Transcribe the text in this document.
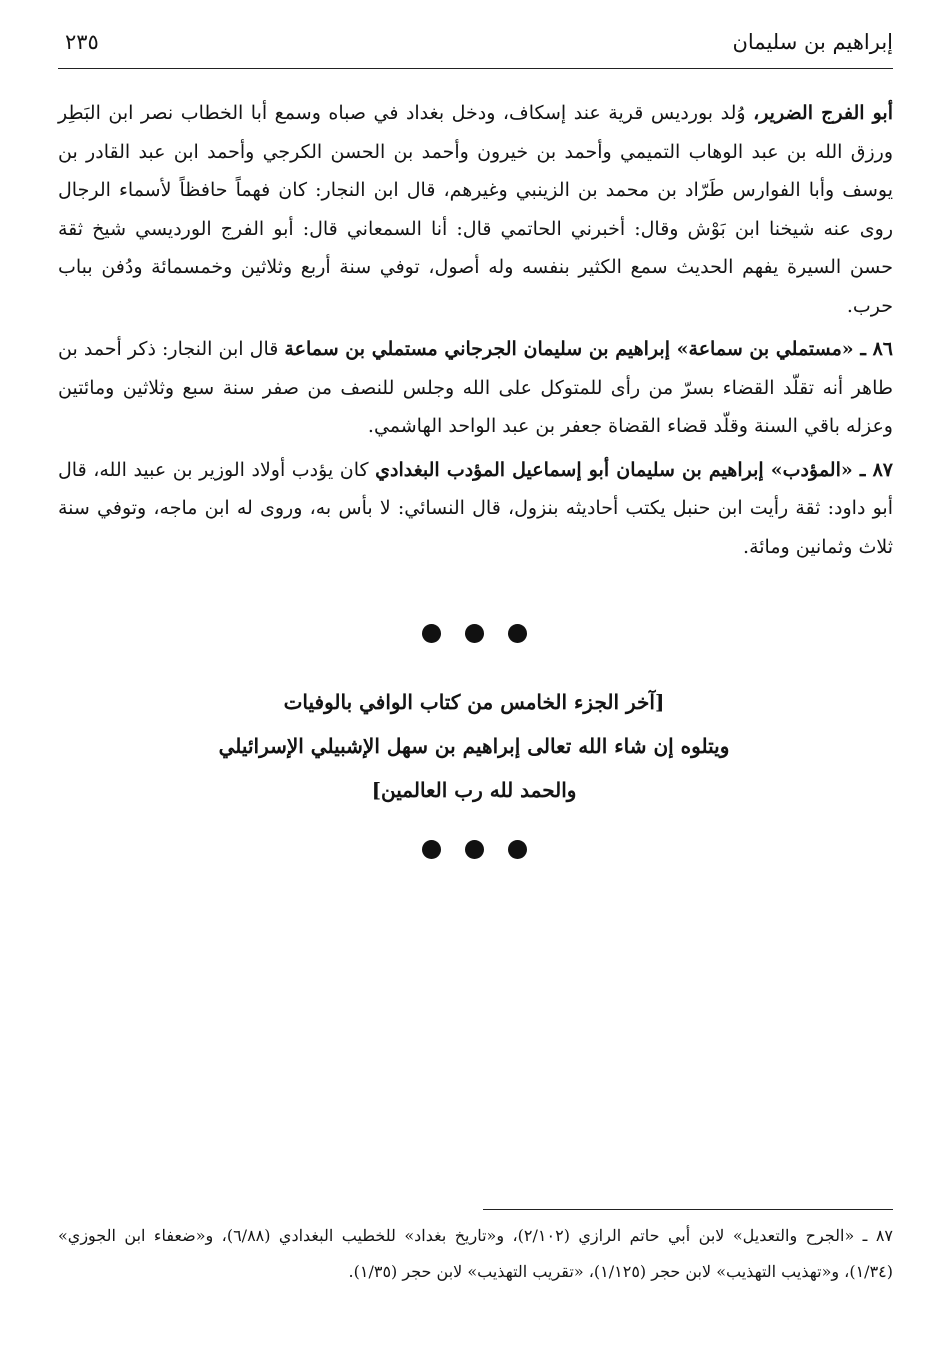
إبراهيم بن سليمان
٢٣٥

أبو الفرج الضرير، وُلد بورديس قرية عند إسكاف، ودخل بغداد في صباه وسمع أبا الخطاب نصر ابن البَطِر ورزق الله بن عبد الوهاب التميمي وأحمد بن خيرون وأحمد بن الحسن الكرجي وأحمد ابن عبد القادر بن يوسف وأبا الفوارس طَرّاد بن محمد بن الزينبي وغيرهم، قال ابن النجار: كان فهماً حافظاً لأسماء الرجال روى عنه شيخنا ابن بَوْش وقال: أخبرني الحاتمي قال: أنا السمعاني قال: أبو الفرج الورديسي شيخ ثقة حسن السيرة يفهم الحديث سمع الكثير بنفسه وله أصول، توفي سنة أربع وثلاثين وخمسمائة ودُفن بباب حرب.

٨٦ ـ «مستملي بن سماعة» إبراهيم بن سليمان الجرجاني مستملي بن سماعة قال ابن النجار: ذكر أحمد بن طاهر أنه تقلّد القضاء بسرّ من رأى للمتوكل على الله وجلس للنصف من صفر سنة سبع وثلاثين ومائتين وعزله باقي السنة وقلّد قضاء القضاة جعفر بن عبد الواحد الهاشمي.

٨٧ ـ «المؤدب» إبراهيم بن سليمان أبو إسماعيل المؤدب البغدادي كان يؤدب أولاد الوزير بن عبيد الله، قال أبو داود: ثقة رأيت ابن حنبل يكتب أحاديثه بنزول، قال النسائي: لا بأس به، وروى له ابن ماجه، وتوفي سنة ثلاث وثمانين ومائة.

[آخر الجزء الخامس من كتاب الوافي بالوفيات
ويتلوه إن شاء الله تعالى إبراهيم بن سهل الإشبيلي الإسرائيلي
والحمد لله رب العالمين]

٨٧ ـ «الجرح والتعديل» لابن أبي حاتم الرازي (٢/١٠٢)، و«تاريخ بغداد» للخطيب البغدادي (٦/٨٨)، و«ضعفاء ابن الجوزي» (١/٣٤)، و«تهذيب التهذيب» لابن حجر (١/١٢٥)، «تقريب التهذيب» لابن حجر (١/٣٥).
